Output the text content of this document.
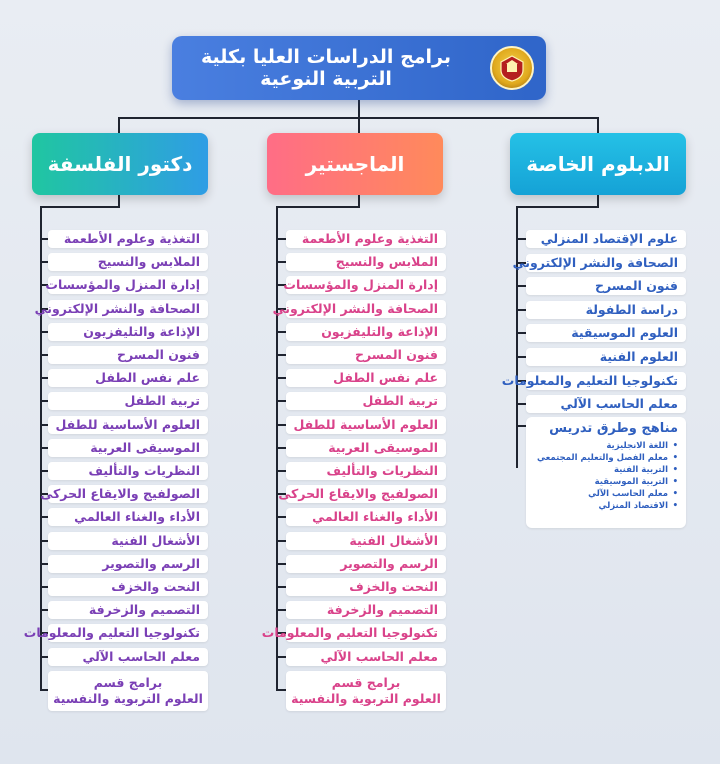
برامج الدراسات العليا بكلية التربية النوعية
الدبلوم الخاصة
الماجستير
دكتور الفلسفة
التغذية وعلوم الأطعمة
الملابس والنسيج
إدارة المنزل والمؤسسات
الصحافة والنشر الإلكتروني
الإذاعة والتليفزيون
فنون المسرح
علم نفس الطفل
تربية الطفل
العلوم الأساسية للطفل
الموسيقى العربية
النظريات والتأليف
الصولفيج والايقاع الحركى
الأداء والغناء العالمي
الأشغال الفنية
الرسم والتصوير
النحت والخزف
التصميم والزخرفة
تكنولوجيا التعليم والمعلومات
معلم الحاسب الآلي
برامج قسم
العلوم التربوية والنفسية
التغذية وعلوم الأطعمة
الملابس والنسيج
إدارة المنزل والمؤسسات
الصحافة والنشر الإلكتروني
الإذاعة والتليفزيون
فنون المسرح
علم نفس الطفل
تربية الطفل
العلوم الأساسية للطفل
الموسيقى العربية
النظريات والتأليف
الصولفيج والايقاع الحركى
الأداء والغناء العالمي
الأشغال الفنية
الرسم والتصوير
النحت والخزف
التصميم والزخرفة
تكنولوجيا التعليم والمعلومات
معلم الحاسب الآلي
برامج قسم
العلوم التربوية والنفسية
علوم الإقتصاد المنزلي
الصحافة والنشر الإلكتروني
فنون المسرح
دراسة الطفولة
العلوم الموسيقية
العلوم الفنية
تكنولوجيا التعليم والمعلومات
معلم الحاسب الآلي
مناهج وطرق تدريس
• اللغة الانجليزية
• معلم الفصل والتعليم المجتمعي
• التربية الفنية
• التربية الموسيقية
• معلم الحاسب الآلي
• الاقتصاد المنزلي
